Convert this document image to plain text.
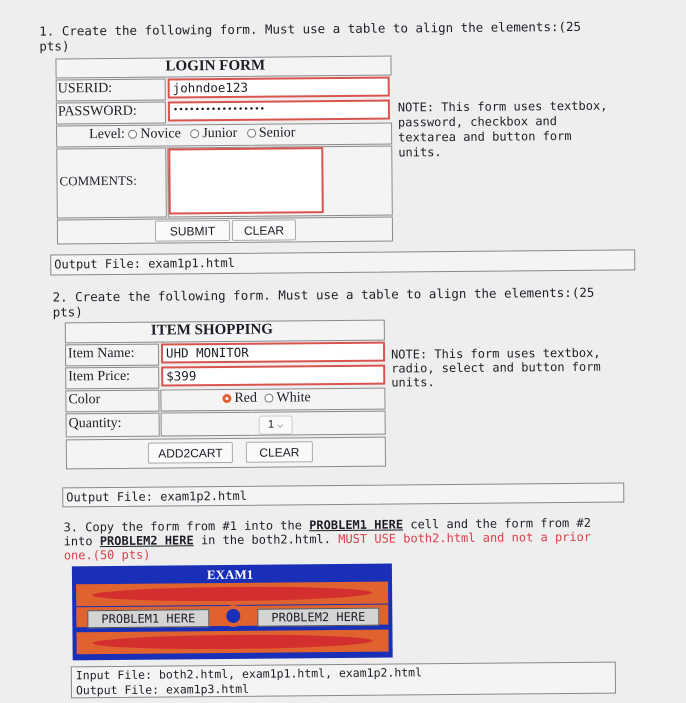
1. Create the following form. Must use a table to align the elements:(25
pts)
LOGIN FORM
USERID:	johndoe123
PASSWORD:	•••••••••••••••••
Level: Novice Junior Senior
COMMENTS:
SUBMIT	CLEAR
NOTE: This form uses textbox,
password, checkbox and
textarea and button form
units.
Output File: exam1p1.html
2. Create the following form. Must use a table to align the elements:(25
pts)
ITEM SHOPPING
Item Name:	UHD MONITOR
Item Price:	$399
Color	Red White
Quantity:	1 ⌵
ADD2CART	CLEAR
NOTE: This form uses textbox,
radio, select and button form
units.
Output File: exam1p2.html
3. Copy the form from #1 into the PROBLEM1 HERE cell and the form from #2
into PROBLEM2 HERE in the both2.html. MUST USE both2.html and not a prior
one.(50 pts)
EXAM1
PROBLEM1 HERE	PROBLEM2 HERE
Input File: both2.html, exam1p1.html, exam1p2.html
Output File: exam1p3.html
